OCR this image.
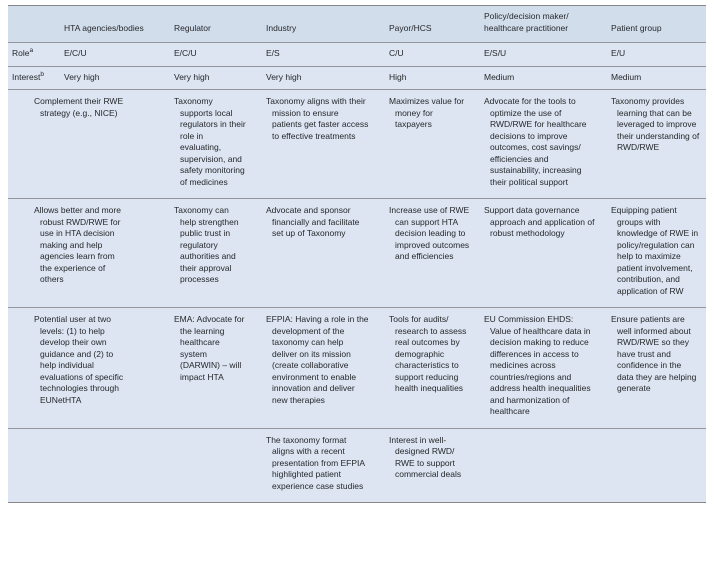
	HTA agencies/bodies	Regulator	Industry	Payor/HCS	Policy/decision maker/ healthcare practitioner	Patient group
Role$^a$	E/C/U	E/C/U	E/S	C/U	E/S/U	E/U
Interest$^b$	Very high	Very high	Very high	High	Medium	Medium
Complement their RWE strategy (e.g., NICE)		Taxonomy supports local regulators in their role in evaluating, supervision, and safety monitoring of medicines	Taxonomy aligns with their mission to ensure patients get faster access to effective treatments	Maximizes value for money for taxpayers	Advocate for the tools to optimize the use of RWD/RWE for healthcare decisions to improve outcomes, cost savings/ efficiencies and sustainability, increasing their political support	Taxonomy provides learning that can be leveraged to improve their understanding of RWD/RWE
Allows better and more robust RWD/RWE for use in HTA decision making and help agencies learn from the experience of others		Taxonomy can help strengthen public trust in regulatory authorities and their approval processes	Advocate and sponsor financially and facilitate set up of Taxonomy	Increase use of RWE can support HTA decision leading to improved outcomes and efficiencies	Support data governance approach and application of robust methodology	Equipping patient groups with knowledge of RWE in policy/regulation can help to maximize patient involvement, contribution, and application of RW
Potential user at two levels: (1) to help develop their own guidance and (2) to help individual evaluations of specific technologies through EUNetHTA		EMA: Advocate for the learning healthcare system (DARWIN) – will impact HTA	EFPIA: Having a role in the development of the taxonomy can help deliver on its mission (create collaborative environment to enable innovation and deliver new therapies	Tools for audits/ research to assess real outcomes by demographic characteristics to support reducing health inequalities	EU Commission EHDS: Value of healthcare data in decision making to reduce differences in access to medicines across countries/regions and address health inequalities and harmonization of healthcare	Ensure patients are well informed about RWD/RWE so they have trust and confidence in the data they are helping generate
			The taxonomy format aligns with a recent presentation from EFPIA highlighted patient experience case studies	Interest in well-designed RWD/ RWE to support commercial deals		
